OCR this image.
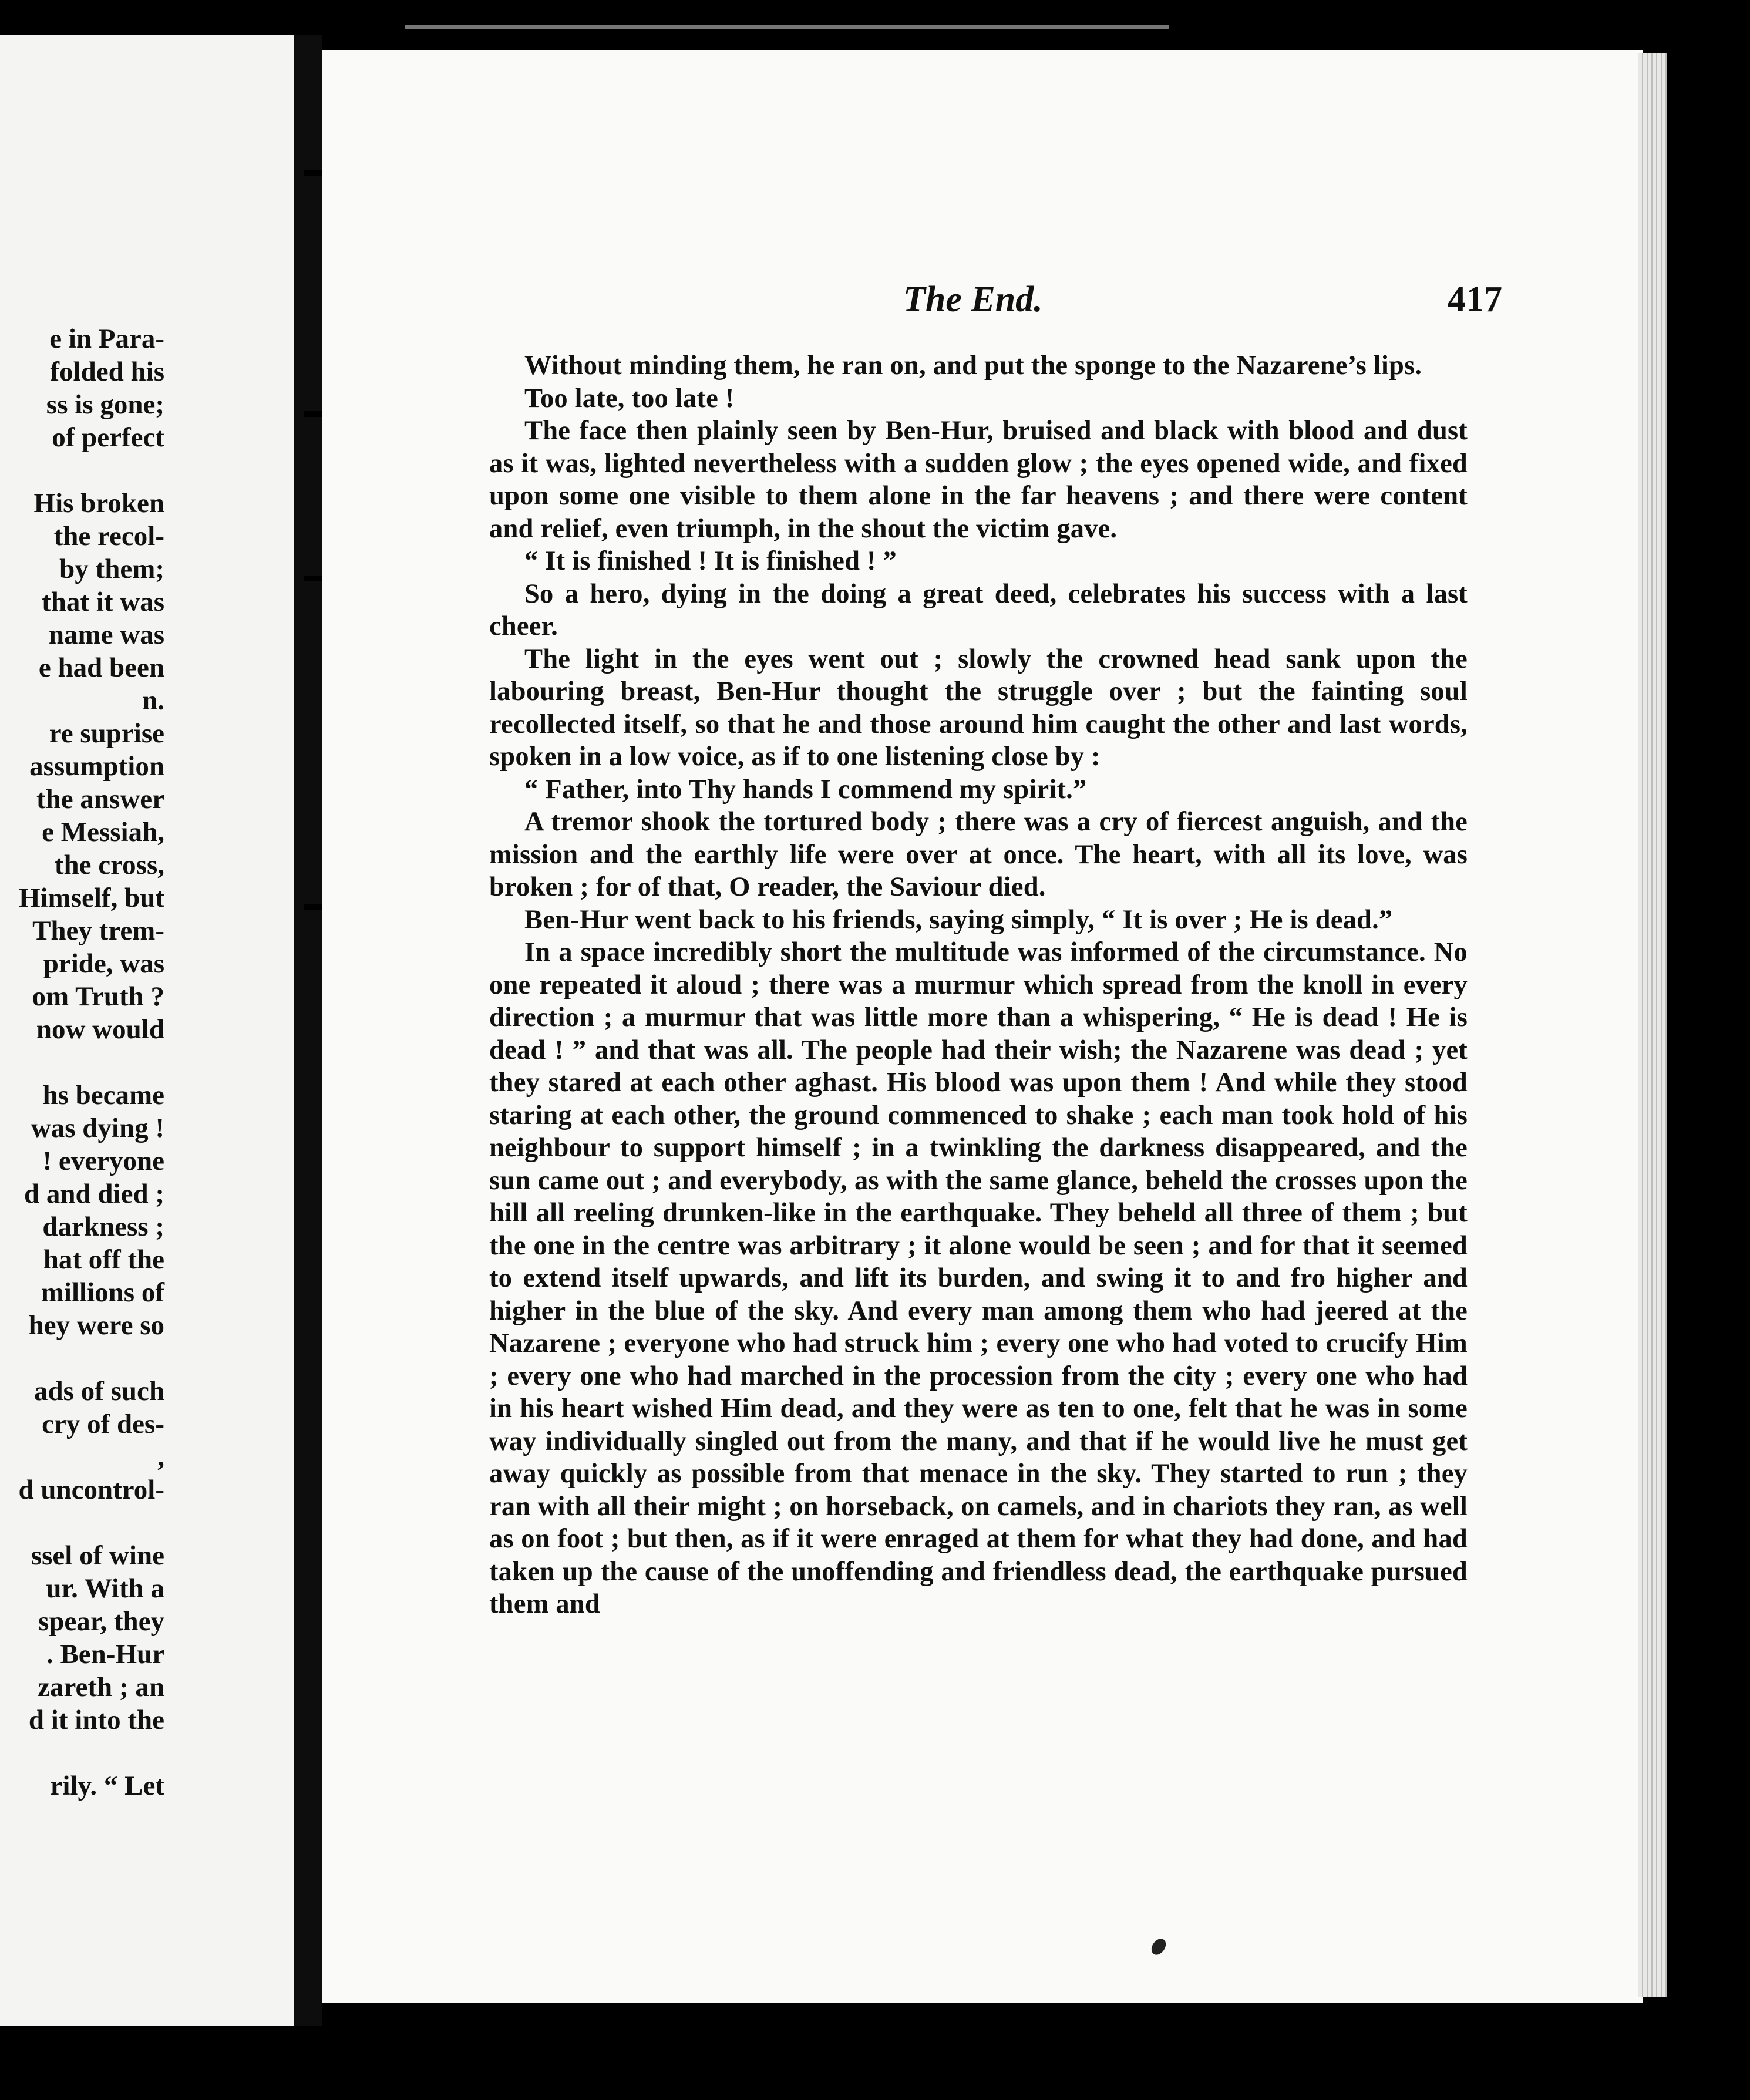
e in Para-
folded his
ss is gone;
of perfect
His broken
the recol-
by them;
that it was
name was
e had been
n.
re suprise
assumption
the answer
e Messiah,
the cross,
Himself, but
They trem-
pride, was
om Truth ?
now would
hs became
was dying !
! everyone
d and died ;
darkness ;
hat off the
millions of
hey were so
ads of such
cry of des-
,
d uncontrol-
ssel of wine
ur. With a
spear, they
. Ben-Hur
zareth ; an
d it into the
rily. “ Let
The End.	417

Without minding them, he ran on, and put the sponge to the Nazarene’s lips.

Too late, too late !

The face then plainly seen by Ben-Hur, bruised and black with blood and dust as it was, lighted nevertheless with a sudden glow ; the eyes opened wide, and fixed upon some one visible to them alone in the far heavens ; and there were content and relief, even triumph, in the shout the victim gave.

“ It is finished ! It is finished ! ”

So a hero, dying in the doing a great deed, celebrates his success with a last cheer.

The light in the eyes went out ; slowly the crowned head sank upon the labouring breast, Ben-Hur thought the struggle over ; but the fainting soul recollected itself, so that he and those around him caught the other and last words, spoken in a low voice, as if to one listening close by :

“ Father, into Thy hands I commend my spirit.”

A tremor shook the tortured body ; there was a cry of fiercest anguish, and the mission and the earthly life were over at once. The heart, with all its love, was broken ; for of that, O reader, the Saviour died.

Ben-Hur went back to his friends, saying simply, “ It is over ; He is dead.”

In a space incredibly short the multitude was informed of the circumstance. No one repeated it aloud ; there was a murmur which spread from the knoll in every direction ; a murmur that was little more than a whispering, “ He is dead ! He is dead ! ” and that was all. The people had their wish; the Nazarene was dead ; yet they stared at each other aghast. His blood was upon them ! And while they stood staring at each other, the ground commenced to shake ; each man took hold of his neighbour to support himself ; in a twinkling the darkness disappeared, and the sun came out ; and everybody, as with the same glance, beheld the crosses upon the hill all reeling drunken-like in the earthquake. They beheld all three of them ; but the one in the centre was arbitrary ; it alone would be seen ; and for that it seemed to extend itself upwards, and lift its burden, and swing it to and fro higher and higher in the blue of the sky. And every man among them who had jeered at the Nazarene ; everyone who had struck him ; every one who had voted to crucify Him ; every one who had marched in the procession from the city ; every one who had in his heart wished Him dead, and they were as ten to one, felt that he was in some way individually singled out from the many, and that if he would live he must get away quickly as possible from that menace in the sky. They started to run ; they ran with all their might ; on horseback, on camels, and in chariots they ran, as well as on foot ; but then, as if it were enraged at them for what they had done, and had taken up the cause of the unoffending and friendless dead, the earthquake pursued them and
